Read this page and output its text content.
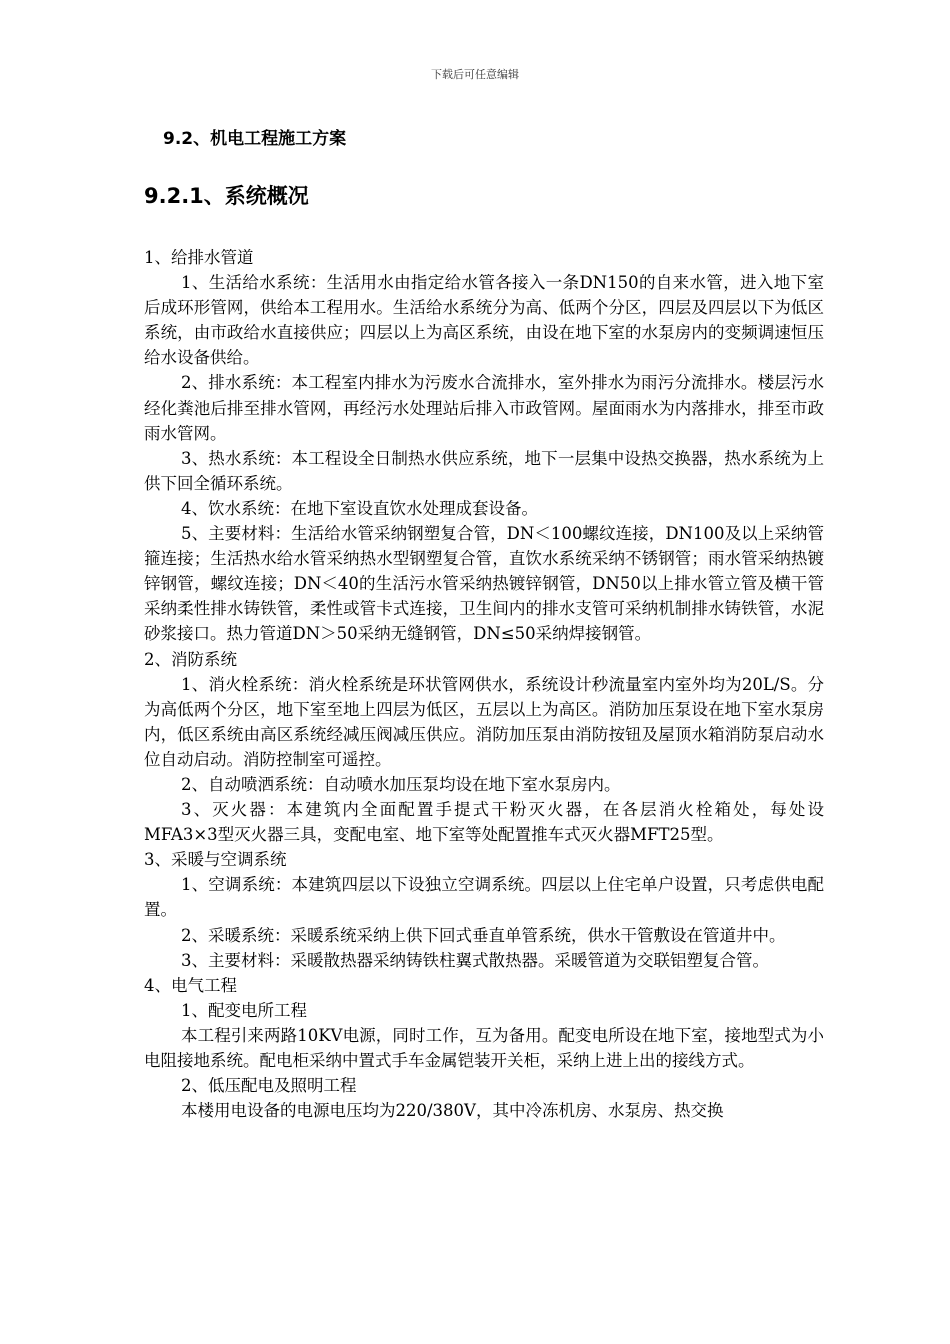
下载后可任意编辑
9.2、机电工程施工方案
9.2.1、系统概况

1、给排水管道

1、生活给水系统：生活用水由指定给水管各接入一条DN150的自来水管，进入地下室后成环形管网，供给本工程用水。生活给水系统分为高、低两个分区，四层及四层以下为低区系统，由市政给水直接供应；四层以上为高区系统，由设在地下室的水泵房内的变频调速恒压给水设备供给。

2、排水系统：本工程室内排水为污废水合流排水，室外排水为雨污分流排水。楼层污水经化粪池后排至排水管网，再经污水处理站后排入市政管网。屋面雨水为内落排水，排至市政雨水管网。

3、热水系统：本工程设全日制热水供应系统，地下一层集中设热交换器，热水系统为上供下回全循环系统。

4、饮水系统：在地下室设直饮水处理成套设备。

5、主要材料：生活给水管采纳钢塑复合管，DN＜100螺纹连接，DN100及以上采纳管箍连接；生活热水给水管采纳热水型钢塑复合管，直饮水系统采纳不锈钢管；雨水管采纳热镀锌钢管，螺纹连接；DN＜40的生活污水管采纳热镀锌钢管，DN50以上排水管立管及横干管采纳柔性排水铸铁管，柔性或管卡式连接，卫生间内的排水支管可采纳机制排水铸铁管，水泥砂浆接口。热力管道DN＞50采纳无缝钢管，DN≤50采纳焊接钢管。

2、消防系统

1、消火栓系统：消火栓系统是环状管网供水，系统设计秒流量室内室外均为20L/S。分为高低两个分区，地下室至地上四层为低区，五层以上为高区。消防加压泵设在地下室水泵房内，低区系统由高区系统经减压阀减压供应。消防加压泵由消防按钮及屋顶水箱消防泵启动水位自动启动。消防控制室可遥控。

2、自动喷洒系统：自动喷水加压泵均设在地下室水泵房内。

3、灭火器：本建筑内全面配置手提式干粉灭火器，在各层消火栓箱处，每处设MFA3×3型灭火器三具，变配电室、地下室等处配置推车式灭火器MFT25型。

3、采暖与空调系统

1、空调系统：本建筑四层以下设独立空调系统。四层以上住宅单户设置，只考虑供电配置。

2、采暖系统：采暖系统采纳上供下回式垂直单管系统，供水干管敷设在管道井中。

3、主要材料：采暖散热器采纳铸铁柱翼式散热器。采暖管道为交联铝塑复合管。

4、电气工程

1、配变电所工程

本工程引来两路10KV电源，同时工作，互为备用。配变电所设在地下室，接地型式为小电阻接地系统。配电柜采纳中置式手车金属铠装开关柜，采纳上进上出的接线方式。

2、低压配电及照明工程

本楼用电设备的电源电压均为220/380V，其中冷冻机房、水泵房、热交换
